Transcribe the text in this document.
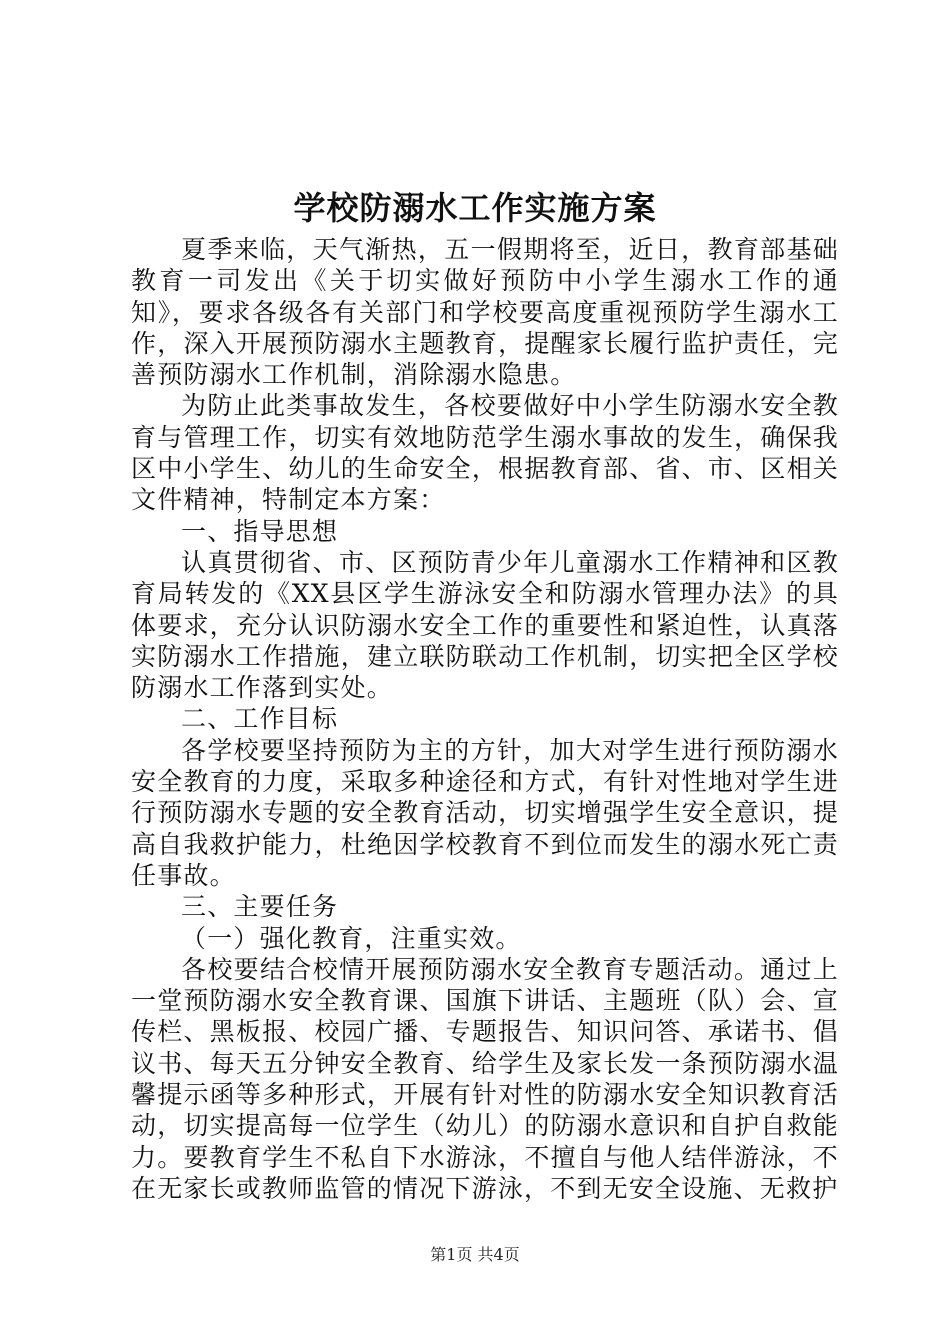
学校防溺水工作实施方案

夏季来临，天气渐热，五一假期将至，近日，教育部基础教育一司发出《关于切实做好预防中小学生溺水工作的通知》，要求各级各有关部门和学校要高度重视预防学生溺水工作，深入开展预防溺水主题教育，提醒家长履行监护责任，完善预防溺水工作机制，消除溺水隐患。

为防止此类事故发生，各校要做好中小学生防溺水安全教育与管理工作，切实有效地防范学生溺水事故的发生，确保我区中小学生、幼儿的生命安全，根据教育部、省、市、区相关文件精神，特制定本方案：

一、指导思想

认真贯彻省、市、区预防青少年儿童溺水工作精神和区教育局转发的《XX县区学生游泳安全和防溺水管理办法》的具体要求，充分认识防溺水安全工作的重要性和紧迫性，认真落实防溺水工作措施，建立联防联动工作机制，切实把全区学校防溺水工作落到实处。

二、工作目标

各学校要坚持预防为主的方针，加大对学生进行预防溺水安全教育的力度，采取多种途径和方式，有针对性地对学生进行预防溺水专题的安全教育活动，切实增强学生安全意识，提高自我救护能力，杜绝因学校教育不到位而发生的溺水死亡责任事故。

三、主要任务

（一）强化教育，注重实效。

各校要结合校情开展预防溺水安全教育专题活动。通过上一堂预防溺水安全教育课、国旗下讲话、主题班（队）会、宣传栏、黑板报、校园广播、专题报告、知识问答、承诺书、倡议书、每天五分钟安全教育、给学生及家长发一条预防溺水温馨提示函等多种形式，开展有针对性的防溺水安全知识教育活动，切实提高每一位学生（幼儿）的防溺水意识和自护自救能力。要教育学生不私自下水游泳，不擅自与他人结伴游泳，不在无家长或教师监管的情况下游泳，不到无安全设施、无救护

第1页 共4页
